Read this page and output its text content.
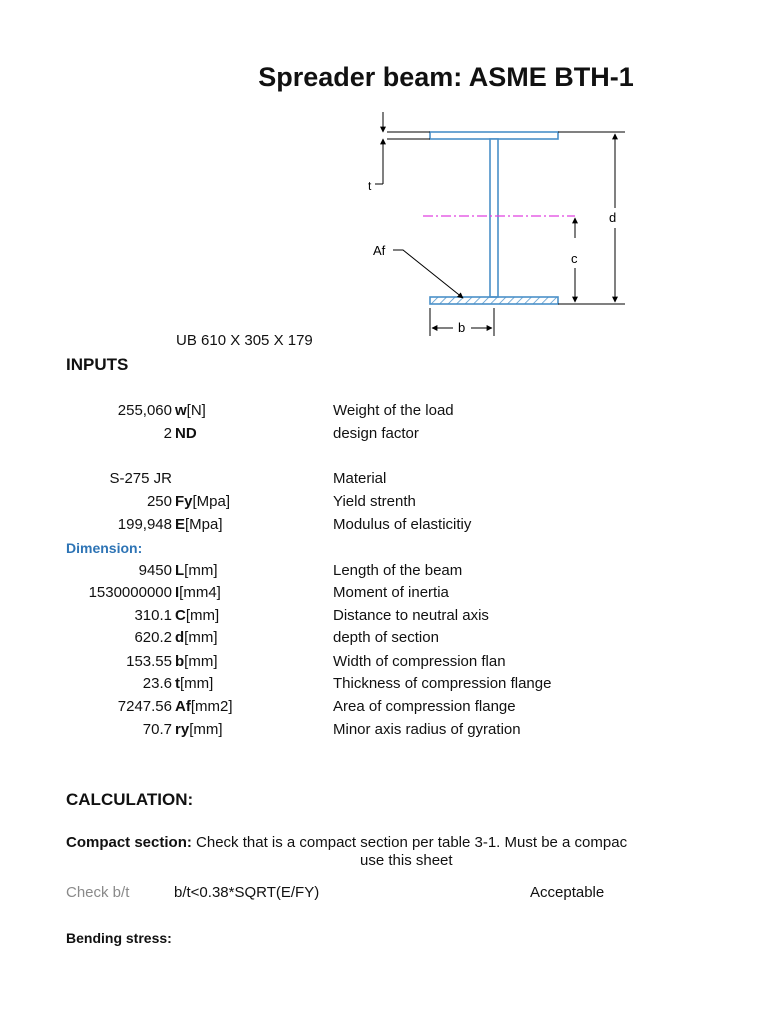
Spreader beam: ASME BTH-1
t
d
c
Af
b
UB 610 X 305 X 179
INPUTS
255,060 w[N]	Weight of the load
2 ND	design factor
S-275 JR	Material
250 Fy[Mpa]	Yield strenth
199,948 E[Mpa]	Modulus of elasticitiy
Dimension:
9450 L[mm]	Length of the beam
1530000000 I[mm4]	Moment of inertia
310.1 C[mm]	Distance to neutral axis
620.2 d[mm]	depth of section
153.55 b[mm]	Width of compression flan
23.6 t[mm]	Thickness of compression flange
7247.56 Af[mm2]	Area of compression flange
70.7 ry[mm]	Minor axis radius of gyration
CALCULATION:
Compact section: Check that is a compact section per table 3-1. Must be a compac
use this sheet
Check b/t	b/t<0.38*SQRT(E/FY)	Acceptable
Bending stress:
